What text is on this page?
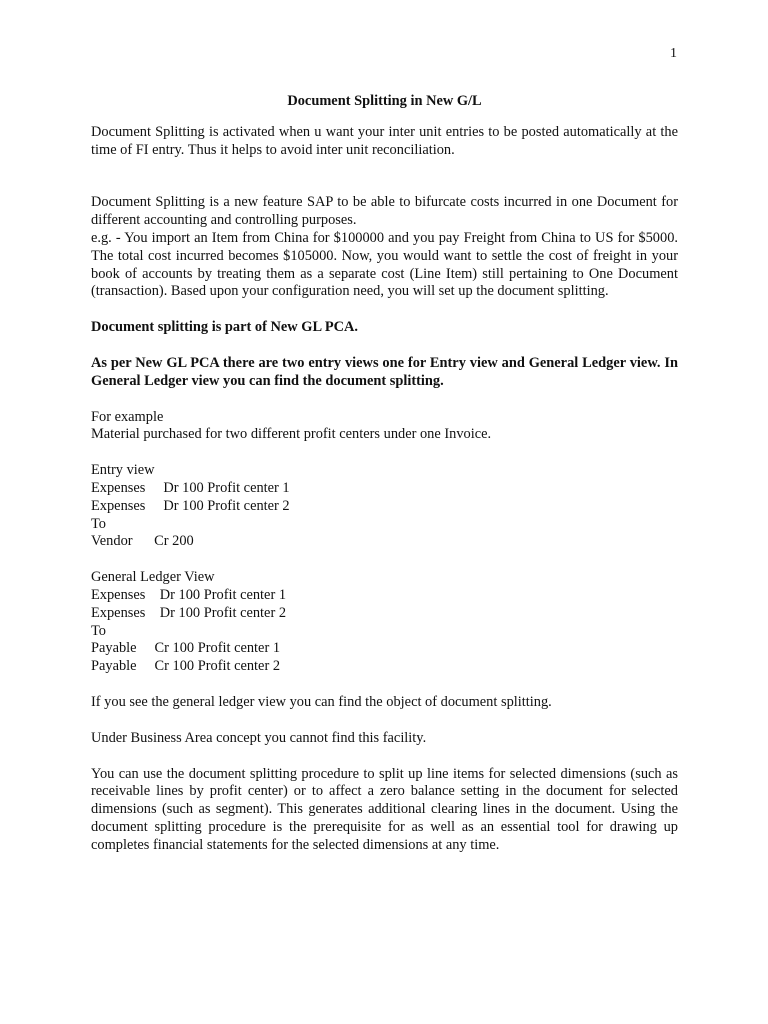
1

Document Splitting in New G/L

Document Splitting is activated when u want your inter unit entries to be posted automatically at the time of FI entry. Thus it helps to avoid inter unit reconciliation.

Document Splitting is a new feature SAP to be able to bifurcate costs incurred in one Document for different accounting and controlling purposes.

e.g. - You import an Item from China for $100000 and you pay Freight from China to US for $5000. The total cost incurred becomes $105000. Now, you would want to settle the cost of freight in your book of accounts by treating them as a separate cost (Line Item) still pertaining to One Document (transaction). Based upon your configuration need, you will set up the document splitting.

Document splitting is part of New GL PCA.

As per New GL PCA there are two entry views one for Entry view and General Ledger view. In General Ledger view you can find the document splitting.

For example
Material purchased for two different profit centers under one Invoice.
Entry view
Expenses     Dr 100 Profit center 1
Expenses     Dr 100 Profit center 2
To
Vendor      Cr 200
General Ledger View
Expenses    Dr 100 Profit center 1
Expenses    Dr 100 Profit center 2
To
Payable     Cr 100 Profit center 1
Payable     Cr 100 Profit center 2

If you see the general ledger view you can find the object of document splitting.

Under Business Area concept you cannot find this facility.

You can use the document splitting procedure to split up line items for selected dimensions (such as receivable lines by profit center) or to affect a zero balance setting in the document for selected dimensions (such as segment). This generates additional clearing lines in the document. Using the document splitting procedure is the prerequisite for as well as an essential tool for drawing up completes financial statements for the selected dimensions at any time.
